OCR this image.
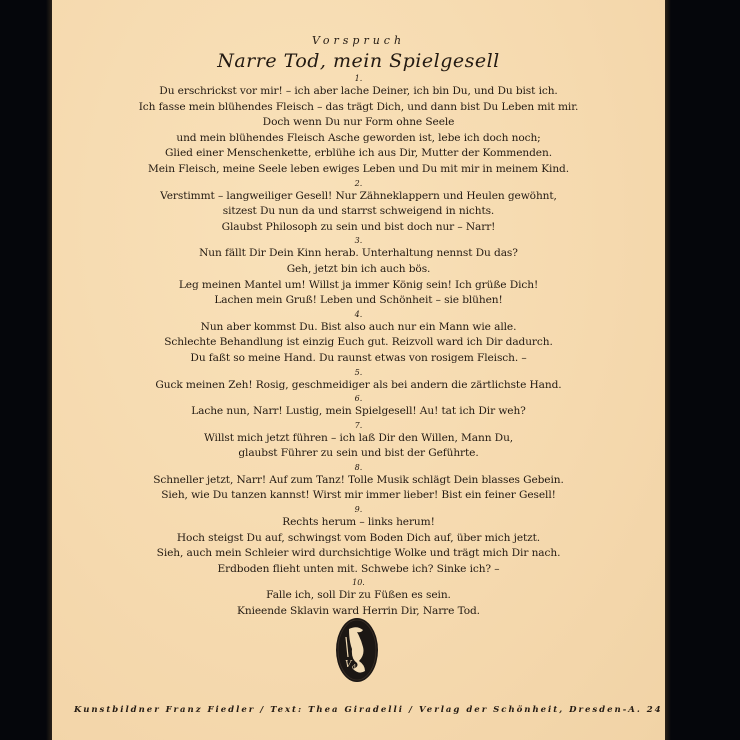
Vorspruch
Narre Tod, mein Spielgesell
1.
Du erschrickst vor mir! – ich aber lache Deiner, ich bin Du, und Du bist ich.
Ich fasse mein blühendes Fleisch – das trägt Dich, und dann bist Du Leben mit mir.
Doch wenn Du nur Form ohne Seele
und mein blühendes Fleisch Asche geworden ist, lebe ich doch noch;
Glied einer Menschenkette, erblühe ich aus Dir, Mutter der Kommenden.
Mein Fleisch, meine Seele leben ewiges Leben und Du mit mir in meinem Kind.
2.
Verstimmt – langweiliger Gesell! Nur Zähneklappern und Heulen gewöhnt,
sitzest Du nun da und starrst schweigend in nichts.
Glaubst Philosoph zu sein und bist doch nur – Narr!
3.
Nun fällt Dir Dein Kinn herab. Unterhaltung nennst Du das?
Geh, jetzt bin ich auch bös.
Leg meinen Mantel um! Willst ja immer König sein! Ich grüße Dich!
Lachen mein Gruß! Leben und Schönheit – sie blühen!
4.
Nun aber kommst Du. Bist also auch nur ein Mann wie alle.
Schlechte Behandlung ist einzig Euch gut. Reizvoll ward ich Dir dadurch.
Du faßt so meine Hand. Du raunst etwas von rosigem Fleisch. –
5.
Guck meinen Zeh! Rosig, geschmeidiger als bei andern die zärtlichste Hand.
6.
Lache nun, Narr! Lustig, mein Spielgesell! Au! tat ich Dir weh?
7.
Willst mich jetzt führen – ich laß Dir den Willen, Mann Du,
glaubst Führer zu sein und bist der Geführte.
8.
Schneller jetzt, Narr! Auf zum Tanz! Tolle Musik schlägt Dein blasses Gebein.
Sieh, wie Du tanzen kannst! Wirst mir immer lieber! Bist ein feiner Gesell!
9.
Rechts herum – links herum!
Hoch steigst Du auf, schwingst vom Boden Dich auf, über mich jetzt.
Sieh, auch mein Schleier wird durchsichtige Wolke und trägt mich Dir nach.
Erdboden flieht unten mit. Schwebe ich? Sinke ich? –
10.
Falle ich, soll Dir zu Füßen es sein.
Knieende Sklavin ward Herrin Dir, Narre Tod.
V d
Kunstbildner Franz Fiedler / Text: Thea Giradelli / Verlag der Schönheit, Dresden-A. 24
